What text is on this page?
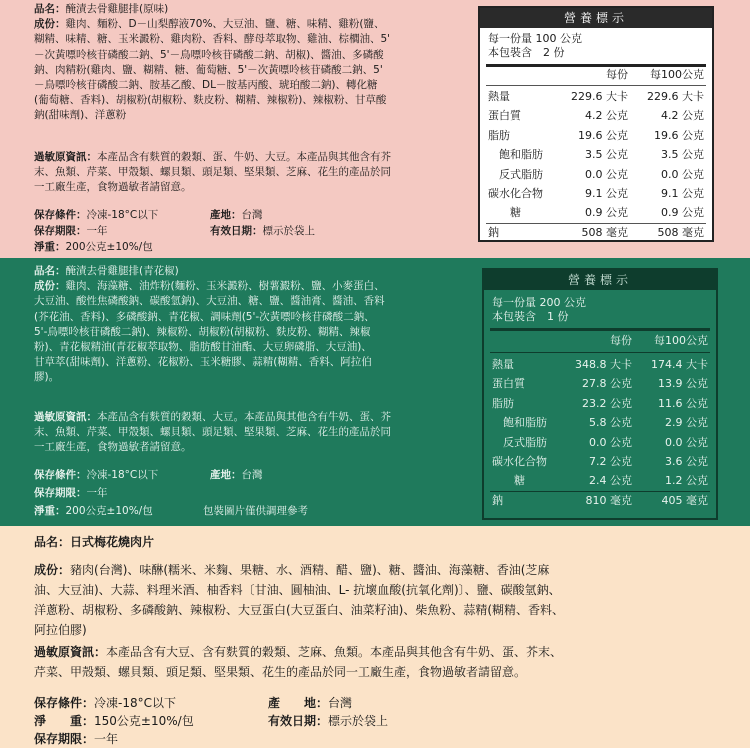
品名：醃漬去骨雞腿排(原味)
成份：雞肉、麵粉、D－山梨醇液70%、大豆油、鹽、糖、味精、雞粉(鹽、
糊精、味精、糖、玉米澱粉、雞肉粉、香料、酵母萃取物、雞油、棕櫚油、5'
－次黃嘌呤核苷磷酸二鈉、5'－鳥嘌呤核苷磷酸二鈉、胡椒)、醬油、多磷酸
鈉、肉精粉(雞肉、鹽、糊精、糖、葡萄糖、5'－次黃嘌呤核苷磷酸二鈉、5'
－鳥嘌呤核苷磷酸二鈉、胺基乙酸、DL－胺基丙酸、琥珀酸二鈉)、轉化糖
(葡萄糖、香料)、胡椒粉(胡椒粉、麩皮粉、糊精、辣椒粉)、辣椒粉、甘草酸
鈉(甜味劑)、洋蔥粉
過敏原資訊：本產品含有麩質的穀類、蛋、牛奶、大豆。本產品與其他含有芥
末、魚類、芹菜、甲殼類、螺貝類、頭足類、堅果類、芝麻、花生的產品於同
一工廠生產，食物過敏者請留意。
保存條件：冷凍-18°C以下	產地：台灣
保存期限：一年	有效日期：標示於袋上
淨重：200公克±10%/包
營養標示
每一份量 100 公克
本包裝含　2 份
每份 每100公克
熱量	229.6 大卡 229.6 大卡
蛋白質	4.2 公克	4.2 公克
脂肪	19.6 公克 19.6 公克
　飽和脂肪	3.5 公克	3.5 公克
　反式脂肪	0.0 公克	0.0 公克
碳水化合物	9.1 公克	9.1 公克
　　糖	0.9 公克	0.9 公克
鈉	508 毫克	508 毫克
品名：醃漬去骨雞腿排(青花椒)
成份：雞肉、海藻糖、油炸粉(麵粉、玉米澱粉、樹薯澱粉、鹽、小麥蛋白、
大豆油、酸性焦磷酸鈉、碳酸氫鈉)、大豆油、糖、鹽、醬油膏、醬油、香料
(芥花油、香料)、多磷酸鈉、青花椒、調味劑(5'-次黃嘌呤核苷磷酸二鈉、
5'-鳥嘌呤核苷磷酸二鈉)、辣椒粉、胡椒粉(胡椒粉、麩皮粉、糊精、辣椒
粉)、青花椒精油(青花椒萃取物、脂肪酸甘油酯、大豆卵磷脂、大豆油)、
甘草萃(甜味劑)、洋蔥粉、花椒粉、玉米糖膠、蒜精(糊精、香料、阿拉伯
膠)。
過敏原資訊：本產品含有麩質的穀類、大豆。本產品與其他含有牛奶、蛋、芥
末、魚類、芹菜、甲殼類、螺貝類、頭足類、堅果類、芝麻、花生的產品於同
一工廠生產，食物過敏者請留意。
保存條件：冷凍-18°C以下	產地：台灣
保存期限：一年
淨重：200公克±10%/包	包裝圖片僅供調理參考
營養標示
每一份量 200 公克
本包裝含　1 份
每份 每100公克
熱量	348.8 大卡 174.4 大卡
蛋白質	27.8 公克 13.9 公克
脂肪	23.2 公克 11.6 公克
　飽和脂肪	5.8 公克	2.9 公克
　反式脂肪	0.0 公克	0.0 公克
碳水化合物	7.2 公克	3.6 公克
　　糖	2.4 公克	1.2 公克
鈉	810 毫克	405 毫克
品名：日式梅花燒肉片
成份：豬肉(台灣)、味醂(糯米、米麴、果糖、水、酒精、醋、鹽)、糖、醬油、海藻糖、香油(芝麻
油、大豆油)、大蒜、料理米酒、柚香料〔甘油、圓柚油、L- 抗壞血酸(抗氧化劑)〕、鹽、碳酸氫鈉、
洋蔥粉、胡椒粉、多磷酸鈉、辣椒粉、大豆蛋白(大豆蛋白、油菜籽油)、柴魚粉、蒜精(糊精、香料、
阿拉伯膠)
過敏原資訊：本產品含有大豆、含有麩質的穀類、芝麻、魚類。本產品與其他含有牛奶、蛋、芥末、
芹菜、甲殼類、螺貝類、頭足類、堅果類、花生的產品於同一工廠生產，食物過敏者請留意。
保存條件：冷凍-18°C以下	產　　地：台灣
淨　　重：150公克±10%/包	有效日期：標示於袋上
保存期限：一年
